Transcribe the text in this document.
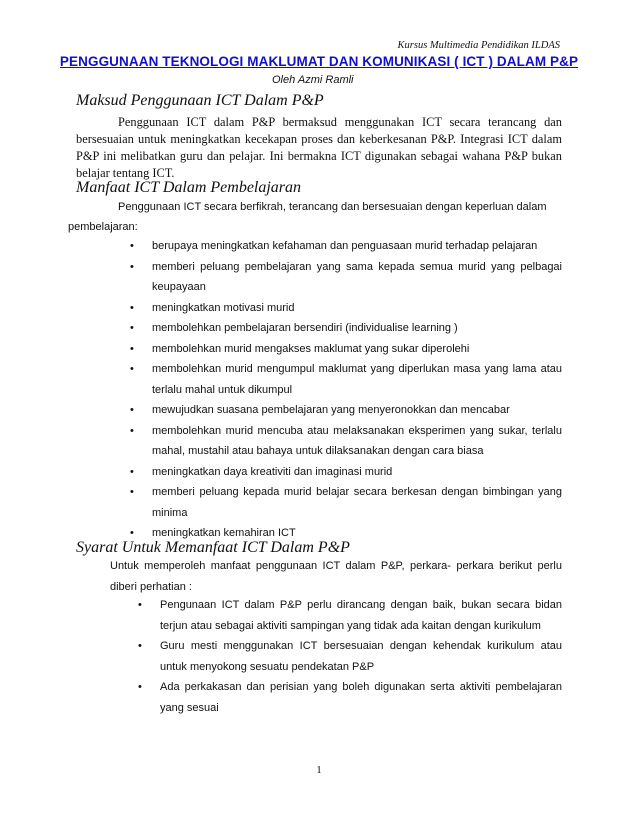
Kursus Multimedia Pendidikan ILDAS
PENGGUNAAN TEKNOLOGI MAKLUMAT DAN KOMUNIKASI ( ICT ) DALAM P&P
Oleh Azmi Ramli
Maksud Penggunaan ICT Dalam P&P
Penggunaan ICT dalam P&P bermaksud menggunakan ICT secara terancang dan bersesuaian untuk meningkatkan kecekapan proses dan keberkesanan P&P. Integrasi ICT dalam P&P ini melibatkan guru dan pelajar. Ini bermakna ICT digunakan sebagai wahana P&P bukan belajar tentang ICT.
Manfaat ICT Dalam Pembelajaran
Penggunaan ICT secara berfikrah, terancang dan bersesuaian dengan keperluan dalam
pembelajaran:
• berupaya meningkatkan kefahaman dan penguasaan murid terhadap pelajaran
• memberi peluang pembelajaran yang sama kepada semua murid yang pelbagai keupayaan
• meningkatkan motivasi murid
• membolehkan pembelajaran bersendiri (individualise learning )
• membolehkan murid mengakses maklumat yang sukar diperolehi
• membolehkan murid mengumpul maklumat yang diperlukan masa yang lama atau terlalu mahal untuk dikumpul
• mewujudkan suasana pembelajaran yang menyeronokkan dan mencabar
• membolehkan murid mencuba atau melaksanakan eksperimen yang sukar, terlalu mahal, mustahil atau bahaya untuk dilaksanakan dengan cara biasa
• meningkatkan daya kreativiti dan imaginasi murid
• memberi peluang kepada murid belajar secara berkesan dengan bimbingan yang minima
• meningkatkan kemahiran ICT
Syarat Untuk Memanfaat ICT Dalam P&P
Untuk memperoleh manfaat penggunaan ICT dalam P&P, perkara- perkara berikut perlu diberi perhatian :
• Pengunaan ICT dalam P&P perlu dirancang dengan baik, bukan secara bidan terjun atau sebagai aktiviti sampingan yang tidak ada kaitan dengan kurikulum
• Guru mesti menggunakan ICT bersesuaian dengan kehendak kurikulum atau untuk menyokong sesuatu pendekatan P&P
• Ada perkakasan dan perisian yang boleh digunakan serta aktiviti pembelajaran yang sesuai
1
